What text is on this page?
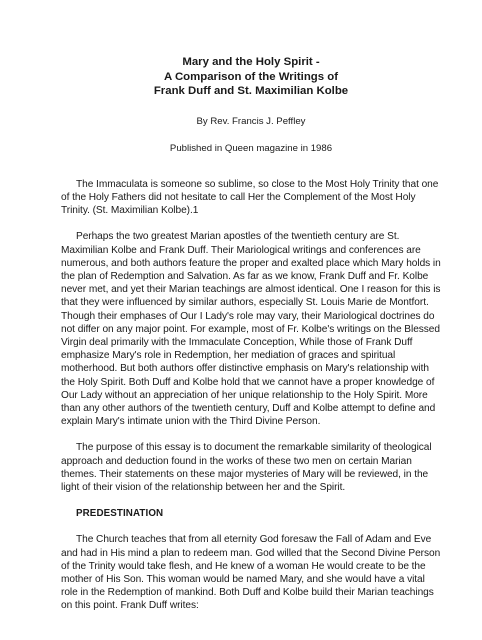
Mary and the Holy Spirit -
A Comparison of the Writings of
Frank Duff and St. Maximilian Kolbe
By Rev. Francis J. Peffley
Published in Queen magazine in 1986

The Immaculata is someone so sublime, so close to the Most Holy Trinity that one of the Holy Fathers did not hesitate to call Her the Complement of the Most Holy Trinity. (St. Maximilian Kolbe).1

Perhaps the two greatest Marian apostles of the twentieth century are St. Maximilian Kolbe and Frank Duff. Their Mariological writings and conferences are numerous, and both authors feature the proper and exalted place which Mary holds in the plan of Redemption and Salvation. As far as we know, Frank Duff and Fr. Kolbe never met, and yet their Marian teachings are almost identical. One I reason for this is that they were influenced by similar authors, especially St. Louis Marie de Montfort. Though their emphases of Our I Lady's role may vary, their Mariological doctrines do not differ on any major point. For example, most of Fr. Kolbe's writings on the Blessed Virgin deal primarily with the Immaculate Conception, While those of Frank Duff emphasize Mary's role in Redemption, her mediation of graces and spiritual motherhood. But both authors offer distinctive emphasis on Mary's relationship with the Holy Spirit. Both Duff and Kolbe hold that we cannot have a proper knowledge of Our Lady without an appreciation of her unique relationship to the Holy Spirit. More than any other authors of the twentieth century, Duff and Kolbe attempt to define and explain Mary's intimate union with the Third Divine Person.

The purpose of this essay is to document the remarkable similarity of theological approach and deduction found in the works of these two men on certain Marian themes. Their statements on these major mysteries of Mary will be reviewed, in the light of their vision of the relationship between her and the Spirit.

PREDESTINATION

The Church teaches that from all eternity God foresaw the Fall of Adam and Eve and had in His mind a plan to redeem man. God willed that the Second Divine Person of the Trinity would take flesh, and He knew of a woman He would create to be the mother of His Son. This woman would be named Mary, and she would have a vital role in the Redemption of mankind. Both Duff and Kolbe build their Marian teachings on this point. Frank Duff writes:
